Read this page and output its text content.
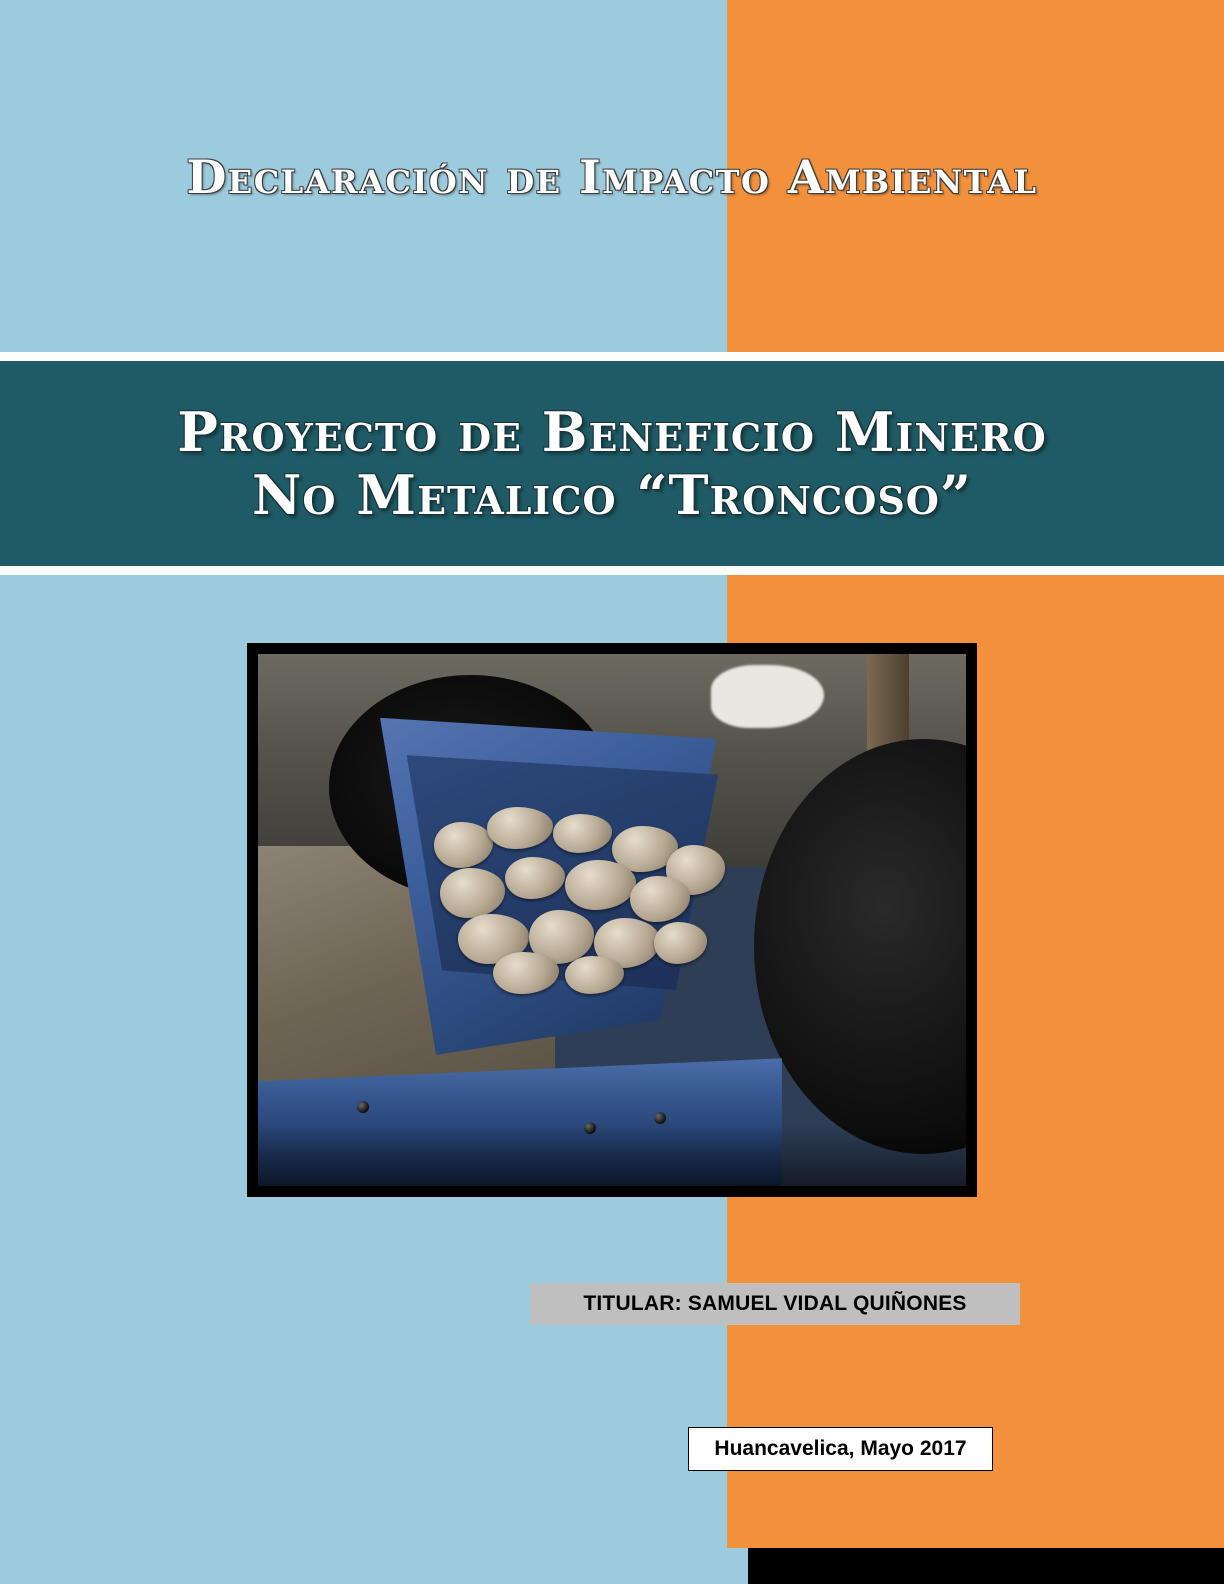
Declaración de Impacto Ambiental
Proyecto de Beneficio Minero
No Metalico “Troncoso”
TITULAR: SAMUEL VIDAL QUIÑONES
Huancavelica, Mayo 2017
